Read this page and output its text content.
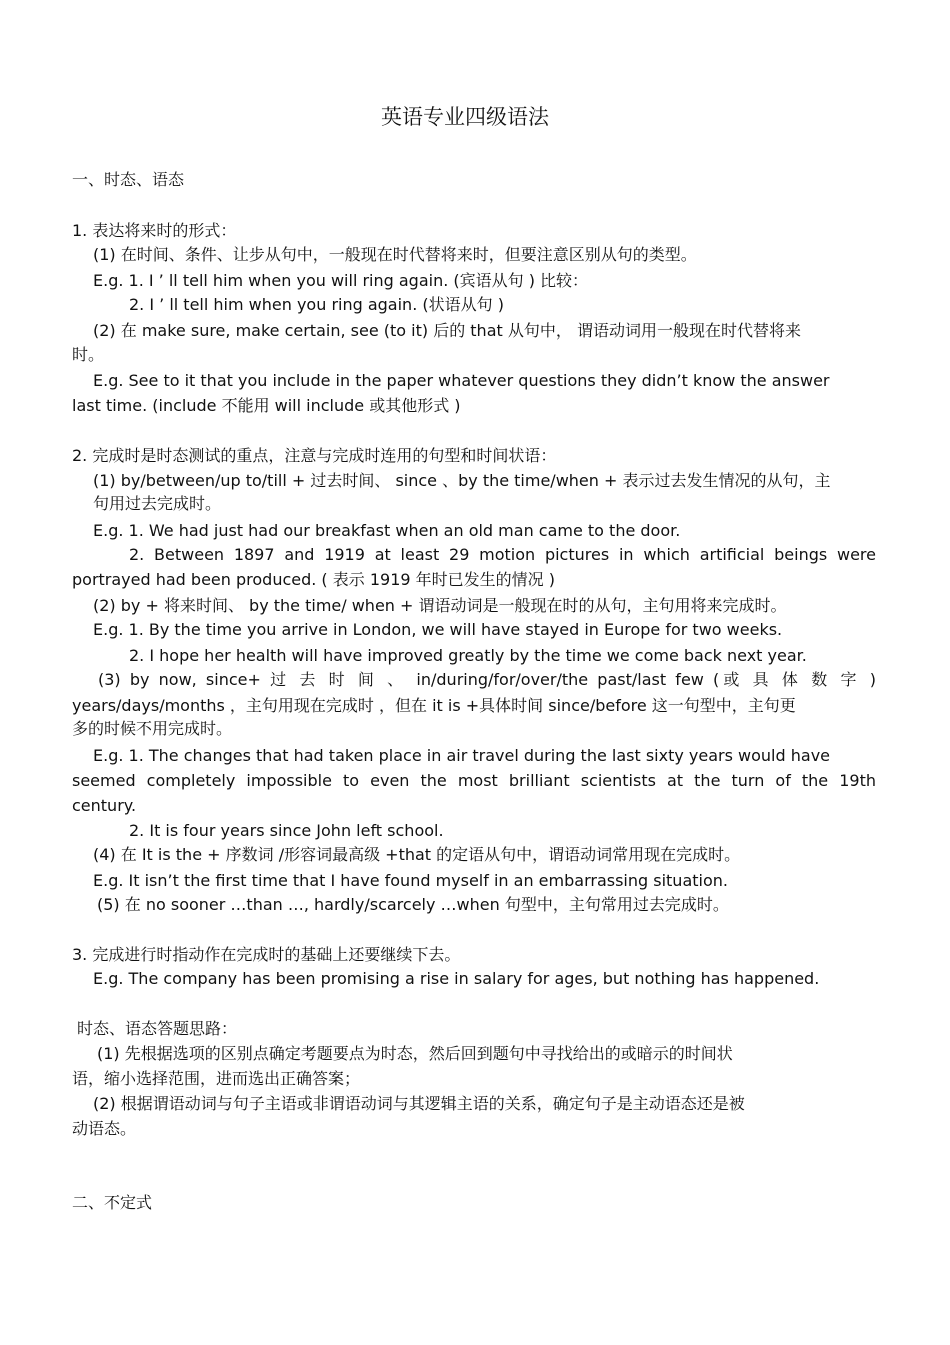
英语专业四级语法
一、时态、语态
1. 表达将来时的形式：
(1) 在时间、条件、让步从句中，一般现在时代替将来时，但要注意区别从句的类型。
E.g. 1. I ’ ll tell him when you will ring again. (宾语从句 ) 比较：
2. I ’ ll tell him when you ring again. (状语从句 )
(2) 在 make sure, make certain, see (to it) 后的 that 从句中， 谓语动词用一般现在时代替将来
时。
E.g. See to it that you include in the paper whatever questions they didn’t know the answer
last time. (include 不能用 will include 或其他形式 )
2. 完成时是时态测试的重点，注意与完成时连用的句型和时间状语：
(1) by/between/up to/till + 过去时间、 since 、by the time/when + 表示过去发生情况的从句，主
句用过去完成时。
E.g. 1. We had just had our breakfast when an old man came to the door.
2. Between 1897 and 1919 at least 29 motion pictures in which artificial beings were
portrayed had been produced. ( 表示 1919 年时已发生的情况 )
(2) by + 将来时间、 by the time/ when + 谓语动词是一般现在时的从句，主句用将来完成时。
E.g. 1. By the time you arrive in London, we will have stayed in Europe for two weeks.
2. I hope her health will have improved greatly by the time we come back next year.
(3) by now, since+ 过 去 时 间 、 in/during/for/over/the past/last few (或 具 体 数 字 )
years/days/months ，主句用现在完成时 ，但在 it is +具体时间 since/before 这一句型中，主句更
多的时候不用完成时。
E.g. 1. The changes that had taken place in air travel during the last sixty years would have
seemed completely impossible to even the most brilliant scientists at the turn of the 19th
century.
2. It is four years since John left school.
(4) 在 It is the + 序数词 /形容词最高级 +that 的定语从句中，谓语动词常用现在完成时。
E.g. It isn’t the first time that I have found myself in an embarrassing situation.
(5) 在 no sooner …than …, hardly/scarcely …when 句型中，主句常用过去完成时。
3. 完成进行时指动作在完成时的基础上还要继续下去。
E.g. The company has been promising a rise in salary for ages, but nothing has happened.
时态、语态答题思路：
(1) 先根据选项的区别点确定考题要点为时态，然后回到题句中寻找给出的或暗示的时间状
语，缩小选择范围，进而选出正确答案；
(2) 根据谓语动词与句子主语或非谓语动词与其逻辑主语的关系，确定句子是主动语态还是被
动语态。
二、不定式
